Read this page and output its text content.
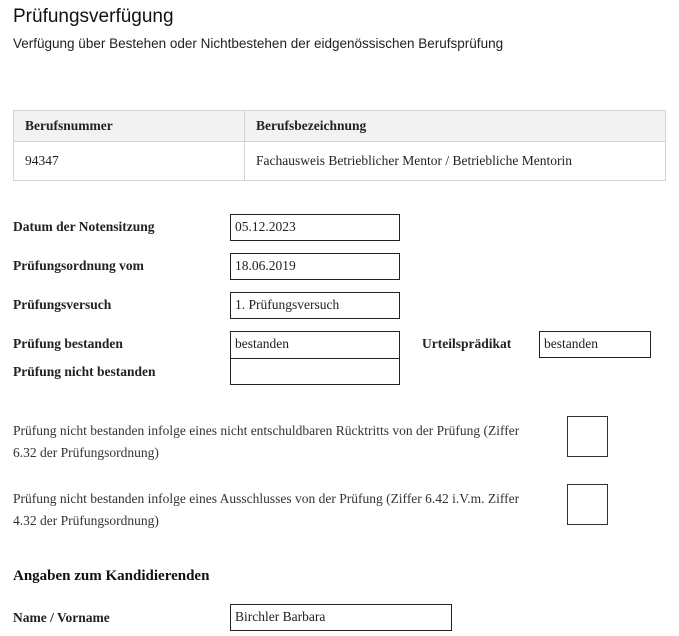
Prüfungsverfügung

Verfügung über Bestehen oder Nichtbestehen der eidgenössischen Berufsprüfung

Berufsnummer	Berufsbezeichnung
94347	Fachausweis Betrieblicher Mentor / Betriebliche Mentorin
Datum der Notensitzung	05.12.2023
Prüfungsordnung vom	18.06.2019
Prüfungsversuch	1. Prüfungsversuch
Prüfung bestanden	bestanden	Urteilsprädikat	bestanden
Prüfung nicht bestanden
Prüfung nicht bestanden infolge eines nicht entschuldbaren Rücktritts von der Prüfung (Ziffer 6.32 der Prüfungsordnung)
Prüfung nicht bestanden infolge eines Ausschlusses von der Prüfung (Ziffer 6.42 i.V.m. Ziffer 4.32 der Prüfungsordnung)
Angaben zum Kandidierenden
Name / Vorname	Birchler Barbara
